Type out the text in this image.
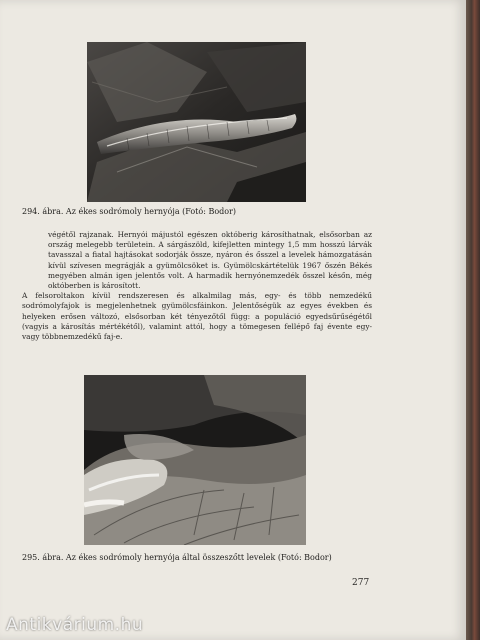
294. ábra. Az ékes sodrómoly hernyója (Fotó: Bodor)

végétől rajzanak. Hernyói májustól egészen októberig károsíthatnak, elsősorban az ország melegebb területein. A sárgászöld, kifejletten mintegy 1,5 mm hosszú lárvák tavasszal a fiatal hajtásokat sodorják össze, nyáron és ősszel a levelek hámozgatásán kívül szívesen megrágják a gyümölcsöket is. Gyümölcskártételük 1967 őszén Békés megyében almán igen jelentős volt. A harmadik hernyónemzedék ősszel későn, még októberben is károsított.

A felsoroltakon kívül rendszeresen és alkalmilag más, egy- és több nemzedékű sodrómolyfajok is megjelenhetnek gyümölcsfáinkon. Jelentőségük az egyes években és helyeken erősen változó, elsősorban két tényezőtől függ: a populáció egyedsűrűségétől (vagyis a károsítás mértékétől), valamint attól, hogy a tömegesen fellépő faj évente egy- vagy többnemzedékű faj-e.

295. ábra. Az ékes sodrómoly hernyója által összeszőtt levelek (Fotó: Bodor)
277
Antikvárium.hu
